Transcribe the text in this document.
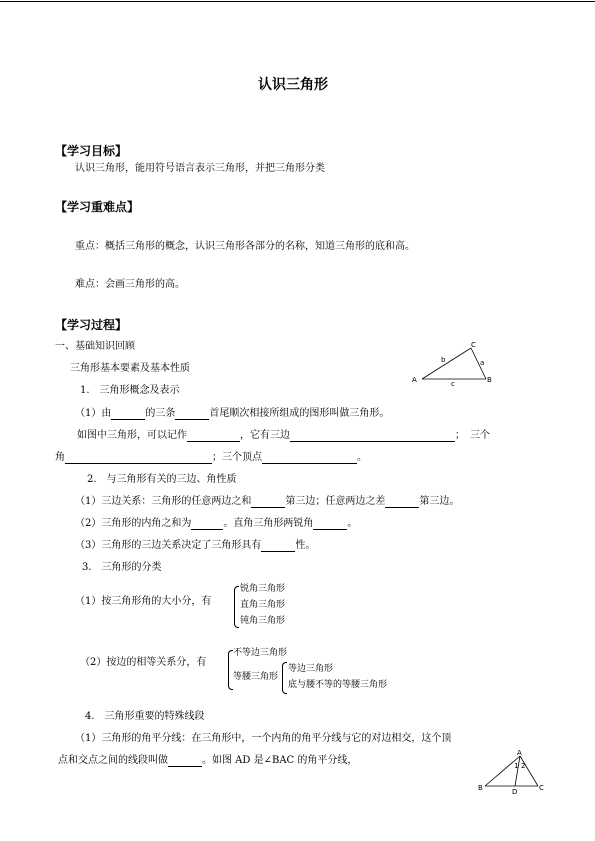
认识三角形
【学习目标】
认识三角形，能用符号语言表示三角形，并把三角形分类
【学习重难点】
重点：概括三角形的概念，认识三角形各部分的名称，知道三角形的底和高。
难点：会画三角形的高。
【学习过程】
一、基础知识回顾
三角形基本要素及基本性质
A	B
C
a
b
c
1.　三角形概念及表示
（1）由	的三条	首尾顺次相接所组成的图形叫做三角形。
如图中三角形，可以记作	，它有三边	；　三个
角	；三个顶点	。
2.　与三角形有关的三边、角性质
（1）三边关系：三角形的任意两边之和	第三边；任意两边之差	第三边。
（2）三角形的内角之和为	。直角三角形两锐角	。
（3）三角形的三边关系决定了三角形具有	性。
3.　三角形的分类
（1）按三角形角的大小分，有
锐角三角形
直角三角形
钝角三角形
（2）按边的相等关系分，有
不等边三角形
等腰三角形
等边三角形
底与腰不等的等腰三角形
4.　三角形重要的特殊线段
（1）三角形的角平分线：在三角形中，一个内角的角平分线与它的对边相交，这个顶
点和交点之间的线段叫做	。如图 AD 是∠BAC 的角平分线，
A
B	C
D
1 2
